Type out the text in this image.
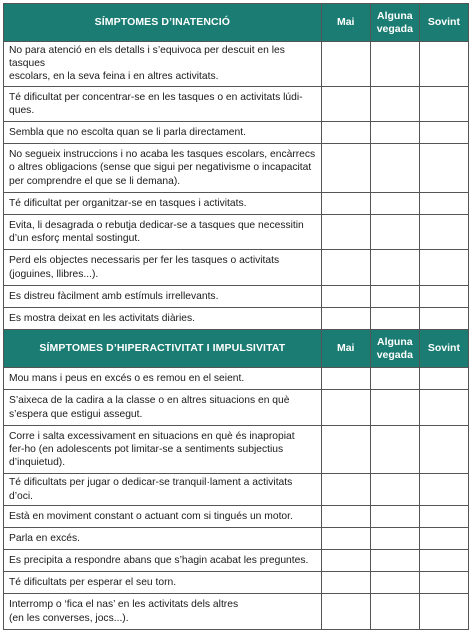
SÍMPTOMES D’INATENCIÓ	Mai	Alguna vegada	Sovint

No para atenció en els detalls i s’equivoca per descuit en les tasques
escolars, en la seva feina i en altres activitats.			

Té dificultat per concentrar-se en les tasques o en activitats lúdi-
ques.			

Sembla que no escolta quan se li parla directament.			

No segueix instruccions i no acaba les tasques escolars, encàrrecs
o altres obligacions (sense que sigui per negativisme o incapacitat
per comprendre el que se li demana).			

Té dificultat per organitzar-se en tasques i activitats.			

Evita, li desagrada o rebutja dedicar-se a tasques que necessitin
d’un esforç mental sostingut.			

Perd els objectes necessaris per fer les tasques o activitats
(joguines, llibres...).			

Es distreu fàcilment amb estímuls irrellevants.			

Es mostra deixat en les activitats diàries.			

SÍMPTOMES D’HIPERACTIVITAT I IMPULSIVITAT	Mai	Alguna vegada	Sovint

Mou mans i peus en excés o es remou en el seient.			

S’aixeca de la cadira a la classe o en altres situacions en què
s’espera que estigui assegut.			

Corre i salta excessivament en situacions en què és inapropiat
fer-ho (en adolescents pot limitar-se a sentiments subjectius
d’inquietud).			

Té dificultats per jugar o dedicar-se tranquil·lament a activitats d’oci.			

Està en moviment constant o actuant com si tingués un motor.			

Parla en excés.			

Es precipita a respondre abans que s’hagin acabat les preguntes.			

Té dificultats per esperar el seu torn.			

Interromp o ‘fica el nas’ en les activitats dels altres
(en les converses, jocs...).			
